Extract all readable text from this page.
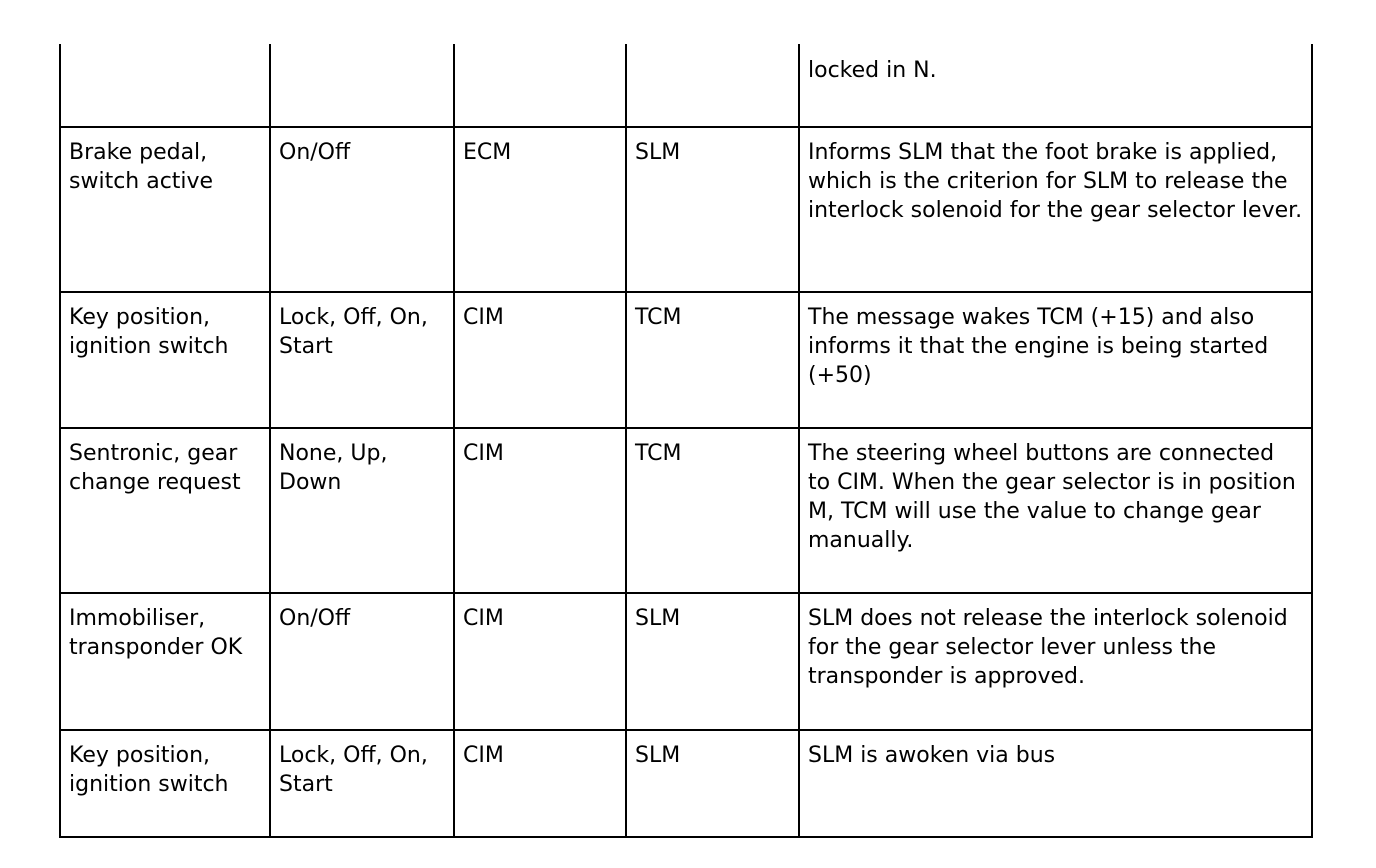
				locked in N.
Brake pedal, switch active	On/Off	ECM	SLM	Informs SLM that the foot brake is applied, which is the criterion for SLM to release the interlock solenoid for the gear selector lever.
Key position, ignition switch	Lock, Off, On, Start	CIM	TCM	The message wakes TCM (+15) and also informs it that the engine is being started (+50)
Sentronic, gear change request	None, Up, Down	CIM	TCM	The steering wheel buttons are connected to CIM. When the gear selector is in position M, TCM will use the value to change gear manually.
Immobiliser, transponder OK	On/Off	CIM	SLM	SLM does not release the interlock solenoid for the gear selector lever unless the transponder is approved.
Key position, ignition switch	Lock, Off, On, Start	CIM	SLM	SLM is awoken via bus
